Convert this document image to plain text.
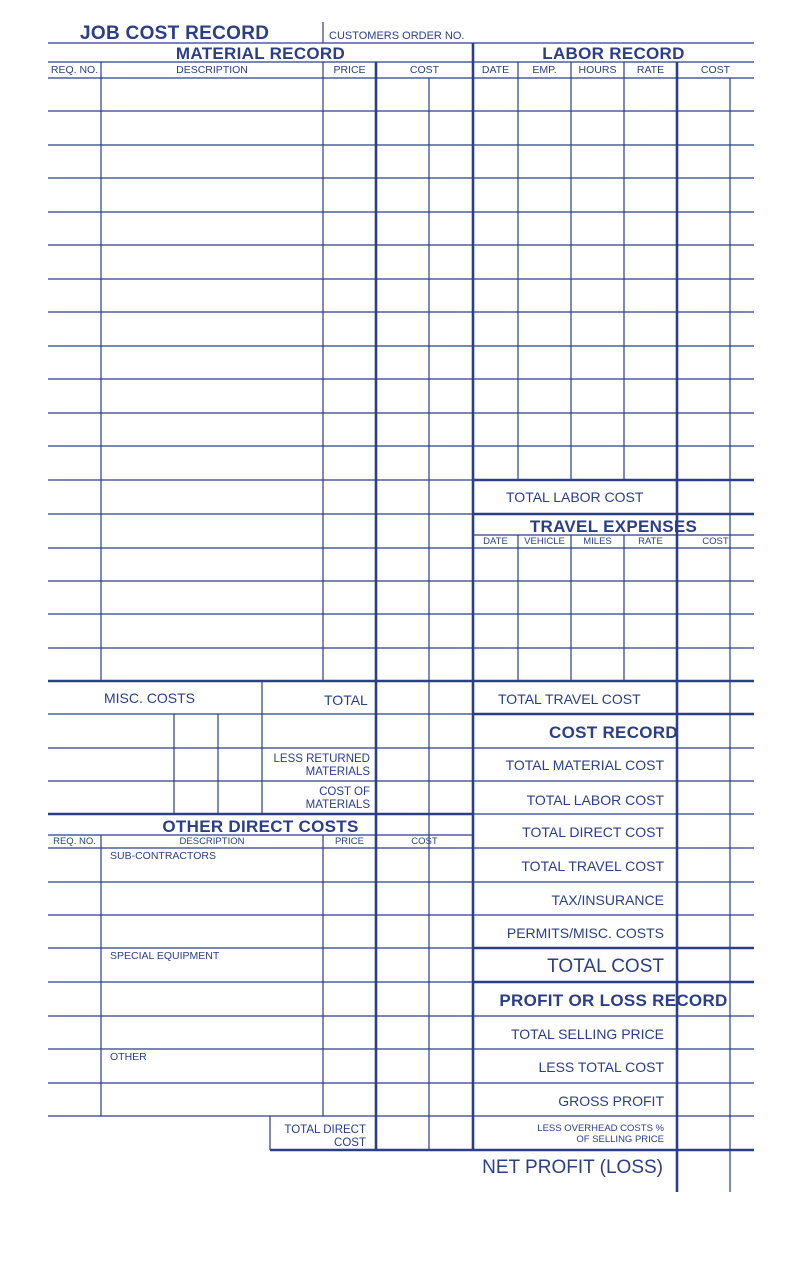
JOB COST RECORD	CUSTOMERS ORDER NO.
MATERIAL RECORD
REQ. NO.	DESCRIPTION	PRICE	COST
LABOR RECORD
DATE	EMP.	HOURS	RATE	COST
TOTAL LABOR COST
TRAVEL EXPENSES
DATE	VEHICLE	MILES	RATE	COST
TOTAL TRAVEL COST
MISC. COSTS	TOTAL
LESS RETURNED MATERIALS
COST OF MATERIALS
OTHER DIRECT COSTS
REQ. NO.	DESCRIPTION	PRICE	COST
SUB-CONTRACTORS
SPECIAL EQUIPMENT
OTHER
TOTAL DIRECT COST
COST RECORD
TOTAL MATERIAL COST
TOTAL LABOR COST
TOTAL DIRECT COST
TOTAL TRAVEL COST
TAX/INSURANCE
PERMITS/MISC. COSTS
TOTAL COST
PROFIT OR LOSS RECORD
TOTAL SELLING PRICE
LESS TOTAL COST
GROSS PROFIT
LESS OVERHEAD COSTS % OF SELLING PRICE
NET PROFIT (LOSS)
